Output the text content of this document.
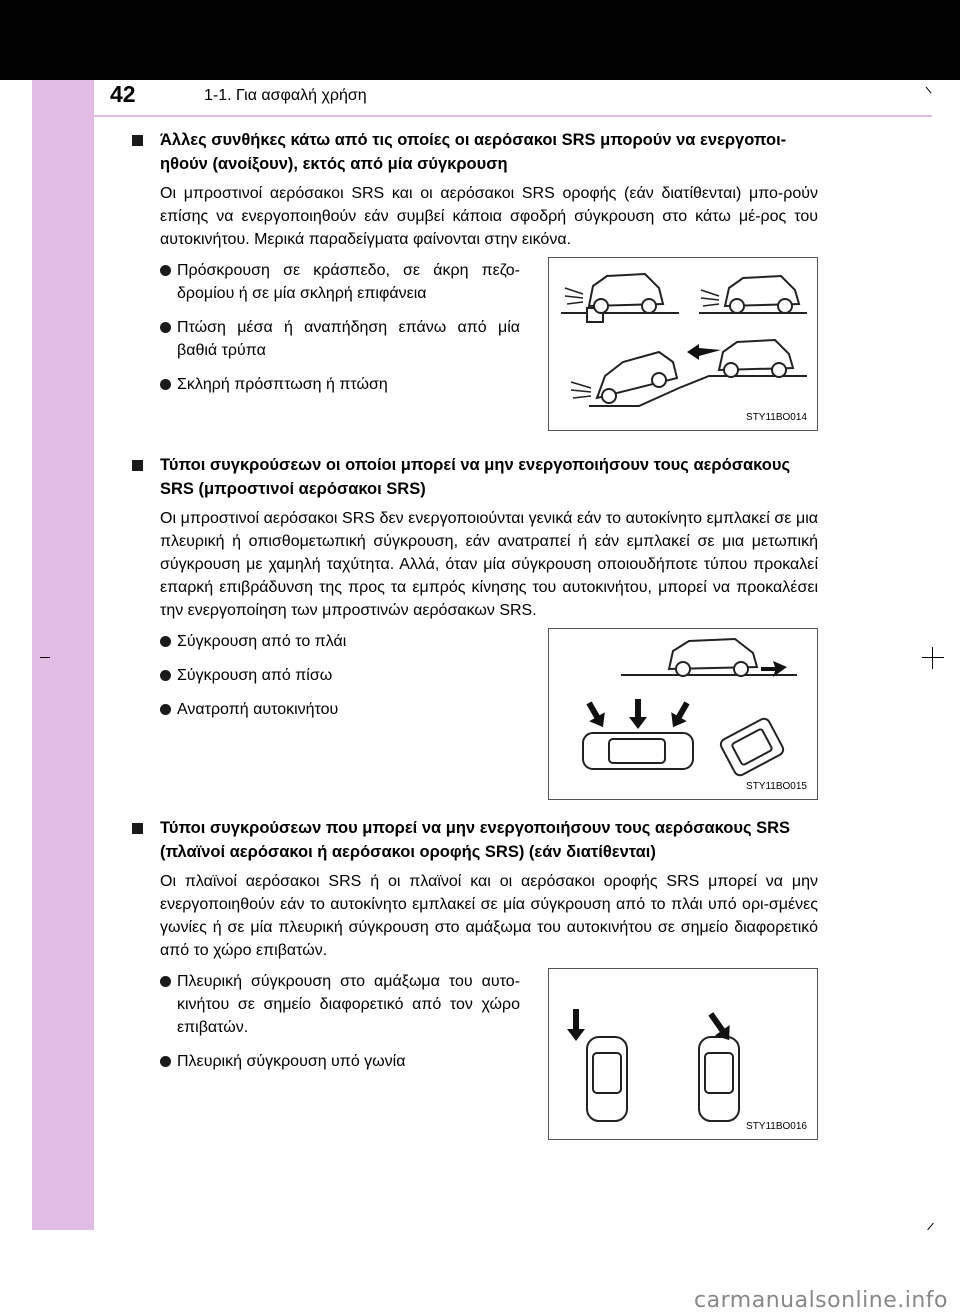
42	1-1. Για ασφαλή χρήση
Άλλες συνθήκες κάτω από τις οποίες οι αερόσακοι SRS μπορούν να ενεργοποι-ηθούν (ανοίξουν), εκτός από μία σύγκρουση

Οι μπροστινοί αερόσακοι SRS και οι αερόσακοι SRS οροφής (εάν διατίθενται) μπο-ρούν επίσης να ενεργοποιηθούν εάν συμβεί κάποια σφοδρή σύγκρουση στο κάτω μέ-ρος του αυτοκινήτου. Μερικά παραδείγματα φαίνονται στην εικόνα.

Πρόσκρουση σε κράσπεδο, σε άκρη πεζο-δρομίου ή σε μία σκληρή επιφάνεια
Πτώση μέσα ή αναπήδηση επάνω από μία βαθιά τρύπα
Σκληρή πρόσπτωση ή πτώση
STY11BO014
Τύποι συγκρούσεων οι οποίοι μπορεί να μην ενεργοποιήσουν τους αερόσακους SRS (μπροστινοί αερόσακοι SRS)

Οι μπροστινοί αερόσακοι SRS δεν ενεργοποιούνται γενικά εάν το αυτοκίνητο εμπλακεί σε μια πλευρική ή οπισθομετωπική σύγκρουση, εάν ανατραπεί ή εάν εμπλακεί σε μια μετωπική σύγκρουση με χαμηλή ταχύτητα. Αλλά, όταν μία σύγκρουση οποιουδήποτε τύπου προκαλεί επαρκή επιβράδυνση της προς τα εμπρός κίνησης του αυτοκινήτου, μπορεί να προκαλέσει την ενεργοποίηση των μπροστινών αερόσακων SRS.

Σύγκρουση από το πλάι
Σύγκρουση από πίσω
Ανατροπή αυτοκινήτου
STY11BO015
Τύποι συγκρούσεων που μπορεί να μην ενεργοποιήσουν τους αερόσακους SRS (πλαϊνοί αερόσακοι ή αερόσακοι οροφής SRS) (εάν διατίθενται)

Οι πλαϊνοί αερόσακοι SRS ή οι πλαϊνοί και οι αερόσακοι οροφής SRS μπορεί να μην ενεργοποιηθούν εάν το αυτοκίνητο εμπλακεί σε μία σύγκρουση από το πλάι υπό ορι-σμένες γωνίες ή σε μία πλευρική σύγκρουση στο αμάξωμα του αυτοκινήτου σε σημείο διαφορετικό από το χώρο επιβατών.

Πλευρική σύγκρουση στο αμάξωμα του αυτο-κινήτου σε σημείο διαφορετικό από τον χώρο επιβατών.
Πλευρική σύγκρουση υπό γωνία
STY11BO016
carmanualsonline.info
